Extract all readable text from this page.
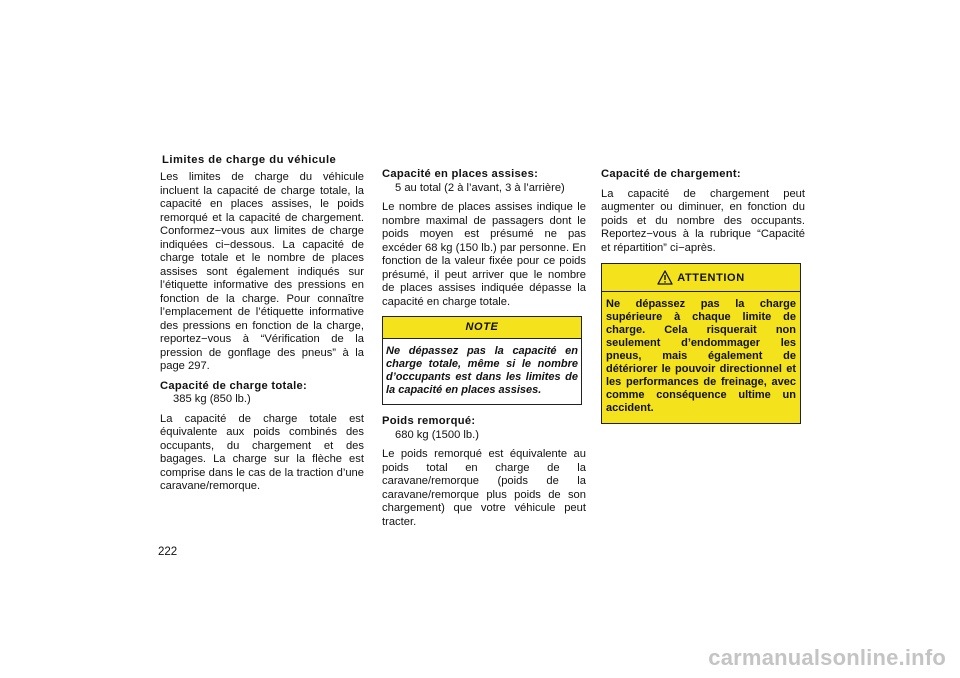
Limites de charge du véhicule

Les limites de charge du véhicule incluent la capacité de charge totale, la capacité en places assises, le poids remorqué et la capacité de chargement. Conformez−vous aux limites de charge indiquées ci−dessous. La capacité de charge totale et le nombre de places assises sont également indiqués sur l’étiquette informative des pressions en fonction de la charge. Pour connaître l’emplacement de l’étiquette informative des pressions en fonction de la charge, reportez−vous à “Vérification de la pression de gonflage des pneus” à la page 297.

Capacité de charge totale:
385 kg (850 lb.)

La capacité de charge totale est équivalente aux poids combinés des occupants, du chargement et des bagages. La charge sur la flèche est comprise dans le cas de la traction d’une caravane/remorque.

Capacité en places assises:
5 au total (2 à l’avant, 3 à l’arrière)

Le nombre de places assises indique le nombre maximal de passagers dont le poids moyen est présumé ne pas excéder 68 kg (150 lb.) par personne. En fonction de la valeur fixée pour ce poids présumé, il peut arriver que le nombre de places assises indiquée dépasse la capacité en charge totale.

NOTE
Ne dépassez pas la capacité en charge totale, même si le nombre d’occupants est dans les limites de la capacité en places assises.
Poids remorqué:
680 kg (1500 lb.)

Le poids remorqué est équivalente au poids total en charge de la caravane/remorque (poids de la caravane/remorque plus poids de son chargement) que votre véhicule peut tracter.

Capacité de chargement:

La capacité de chargement peut augmenter ou diminuer, en fonction du poids et du nombre des occupants. Reportez−vous à la rubrique “Capacité et répartition” ci−après.

ATTENTION
Ne dépassez pas la charge supérieure à chaque limite de charge. Cela risquerait non seulement d’endommager les pneus, mais également de détériorer le pouvoir directionnel et les performances de freinage, avec comme conséquence ultime un accident.
222
carmanualsonline.info
